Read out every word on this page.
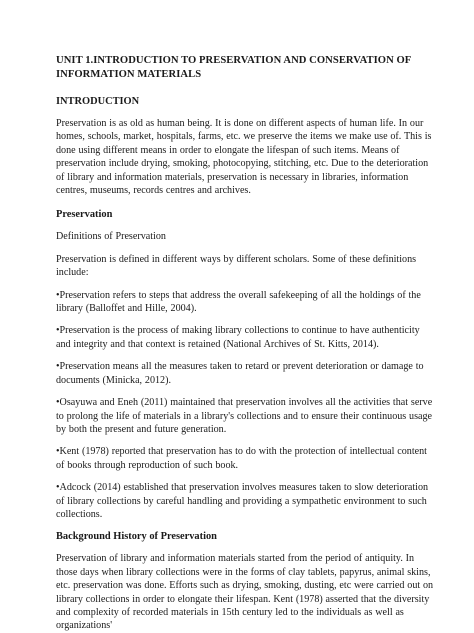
UNIT 1.INTRODUCTION TO PRESERVATION AND CONSERVATION OF INFORMATION MATERIALS
INTRODUCTION

Preservation is as old as human being. It is done on different aspects of human life. In our homes, schools, market, hospitals, farms, etc. we preserve the items we make use of. This is done using different means in order to elongate the lifespan of such items. Means of preservation include drying, smoking, photocopying, stitching, etc. Due to the deterioration of library and information materials, preservation is necessary in libraries, information centres, museums, records centres and archives.

Preservation

Definitions of Preservation

Preservation is defined in different ways by different scholars. Some of these definitions include:

•Preservation refers to steps that address the overall safekeeping of all the holdings of the library (Balloffet and Hille, 2004).

•Preservation is the process of making library collections to continue to have authenticity and integrity and that context is retained (National Archives of St. Kitts, 2014).

•Preservation means all the measures taken to retard or prevent deterioration or damage to documents (Minicka, 2012).

•Osayuwa and Eneh (2011) maintained that preservation involves all the activities that serve to prolong the life of materials in a library's collections and to ensure their continuous usage by both the present and future generation.

•Kent (1978) reported that preservation has to do with the protection of intellectual content of books through reproduction of such book.

•Adcock (2014) established that preservation involves measures taken to slow deterioration of library collections by careful handling and providing a sympathetic environment to such collections.

Background History of Preservation

Preservation of library and information materials started from the period of antiquity. In those days when library collections were in the forms of clay tablets, papyrus, animal skins, etc. preservation was done. Efforts such as drying, smoking, dusting, etc were carried out on library collections in order to elongate their lifespan. Kent (1978) asserted that the diversity and complexity of recorded materials in 15th century led to the individuals as well as organizations'
